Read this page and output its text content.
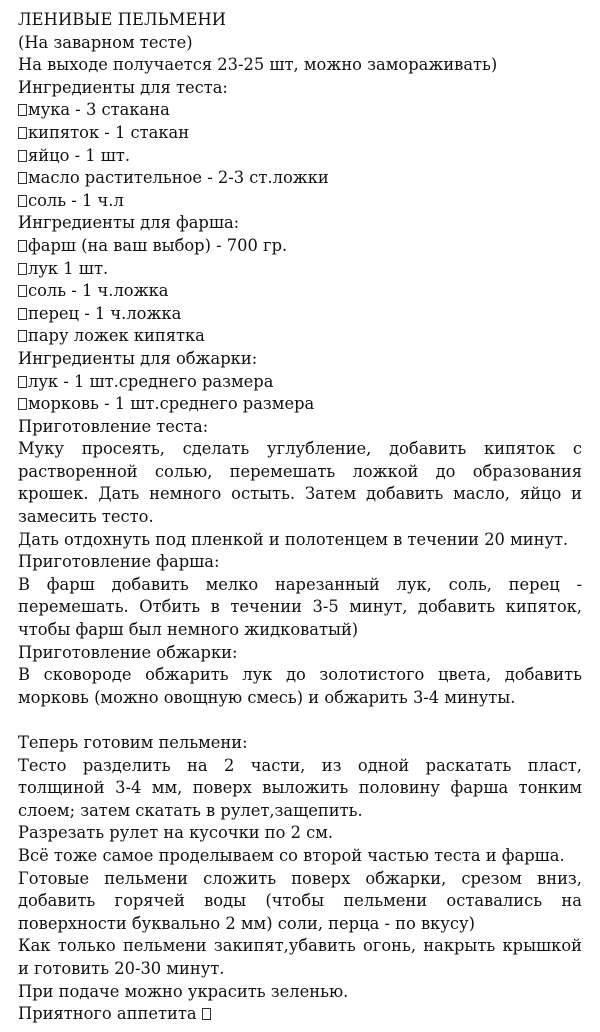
ЛЕНИВЫЕ ПЕЛЬМЕНИ
(На заварном тесте)
На выходе получается 23-25 шт, можно замораживать)
Ингредиенты для теста:
мука - 3 стакана
кипяток - 1 стакан
яйцо - 1 шт.
масло растительное - 2-3 ст.ложки
соль - 1 ч.л
Ингредиенты для фарша:
фарш (на ваш выбор) - 700 гр.
лук 1 шт.
соль - 1 ч.ложка
перец - 1 ч.ложка
пару ложек кипятка
Ингредиенты для обжарки:
лук - 1 шт.среднего размера
морковь - 1 шт.среднего размера
Приготовление теста:
Муку просеять, сделать углубление, добавить кипяток с растворенной солью, перемешать ложкой до образования крошек. Дать немного остыть. Затем добавить масло, яйцо и замесить тесто.
Дать отдохнуть под пленкой и полотенцем в течении 20 минут.
Приготовление фарша:
В фарш добавить мелко нарезанный лук, соль, перец - перемешать. Отбить в течении 3-5 минут, добавить кипяток, чтобы фарш был немного жидковатый)
Приготовление обжарки:
В сковороде обжарить лук до золотистого цвета, добавить морковь (можно овощную смесь) и обжарить 3-4 минуты.
Теперь готовим пельмени:
Тесто разделить на 2 части, из одной раскатать пласт, толщиной 3-4 мм, поверх выложить половину фарша тонким слоем; затем скатать в рулет,защепить.
Разрезать рулет на кусочки по 2 см.
Всё тоже самое проделываем со второй частью теста и фарша.
Готовые пельмени сложить поверх обжарки, срезом вниз, добавить горячей воды (чтобы пельмени оставались на поверхности буквально 2 мм) соли, перца - по вкусу)
Как только пельмени закипят,убавить огонь, накрыть крышкой и готовить 20-30 минут.
При подаче можно украсить зеленью.
Приятного аппетита
